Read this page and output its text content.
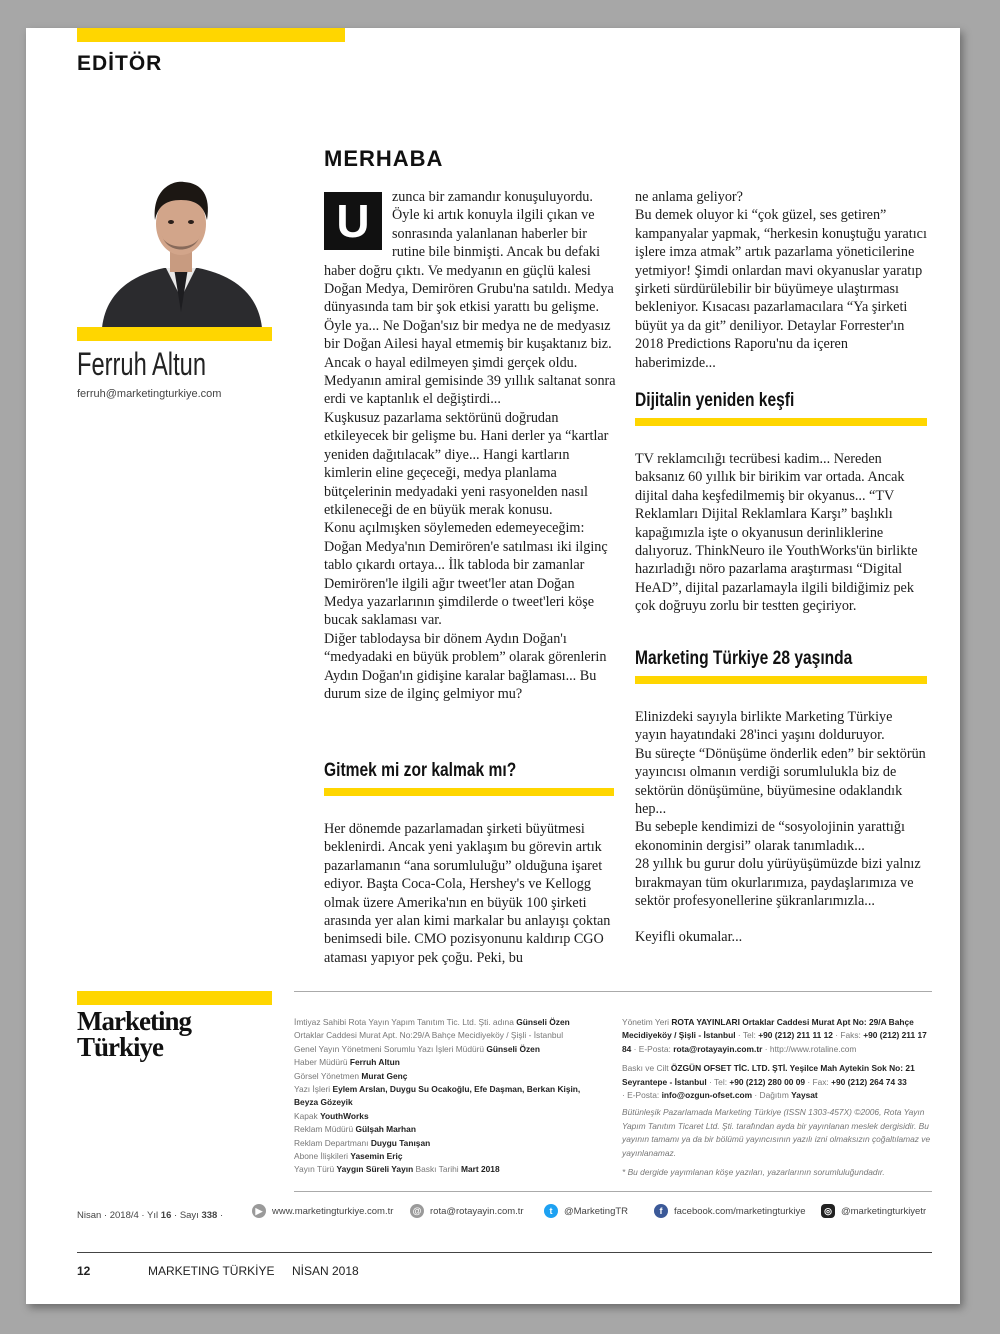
EDİTÖR
Ferruh Altun
ferruh@marketingturkiye.com
MERHABA

U	zunca bir zamandır konuşuluyordu. Öyle ki artık konuyla ilgili çıkan ve sonrasında yalanlanan haberler bir rutine bile binmişti. Ancak bu defaki haber doğru çıktı. Ve medyanın en güçlü kalesi Doğan Medya, Demirören Grubu'na satıldı. Medya dünyasında tam bir şok etkisi yarattı bu gelişme.

Öyle ya... Ne Doğan'sız bir medya ne de medyasız bir Doğan Ailesi hayal etmemiş bir kuşaktanız biz. Ancak o hayal edilmeyen şimdi gerçek oldu. Medyanın amiral gemisinde 39 yıllık saltanat sonra erdi ve kaptanlık el değiştirdi...

Kuşkusuz pazarlama sektörünü doğrudan etkileyecek bir gelişme bu. Hani derler ya “kartlar yeniden dağıtılacak” diye... Hangi kartların kimlerin eline geçeceği, medya planlama bütçelerinin medyadaki yeni rasyonelden nasıl etkileneceği de en büyük merak konusu.

Konu açılmışken söylemeden edemeyeceğim: Doğan Medya'nın Demirören'e satılması iki ilginç tablo çıkardı ortaya... İlk tabloda bir zamanlar Demirören'le ilgili ağır tweet'ler atan Doğan Medya yazarlarının şimdilerde o tweet'leri köşe bucak saklaması var.

Diğer tablodaysa bir dönem Aydın Doğan'ı “medyadaki en büyük problem” olarak görenlerin Aydın Doğan'ın gidişine karalar bağlaması... Bu durum size de ilginç gelmiyor mu?

Gitmek mi zor kalmak mı?

Her dönemde pazarlamadan şirketi büyütmesi beklenirdi. Ancak yeni yaklaşım bu görevin artık pazarlamanın “ana sorumluluğu” olduğuna işaret ediyor. Başta Coca-Cola, Hershey's ve Kellogg olmak üzere Amerika'nın en büyük 100 şirketi arasında yer alan kimi markalar bu anlayışı çoktan benimsedi bile. CMO pozisyonunu kaldırıp CGO ataması yapıyor pek çoğu. Peki, bu

ne anlama geliyor?

Bu demek oluyor ki “çok güzel, ses getiren” kampanyalar yapmak, “herkesin konuştuğu yaratıcı işlere imza atmak” artık pazarlama yöneticilerine yetmiyor! Şimdi onlardan mavi okyanuslar yaratıp şirketi sürdürülebilir bir büyümeye ulaştırması bekleniyor. Kısacası pazarlamacılara “Ya şirketi büyüt ya da git” deniliyor. Detaylar Forrester'ın 2018 Predictions Raporu'nu da içeren haberimizde...

Dijitalin yeniden keşfi

TV reklamcılığı tecrübesi kadim... Nereden baksanız 60 yıllık bir birikim var ortada. Ancak dijital daha keşfedilmemiş bir okyanus... “TV Reklamları Dijital Reklamlara Karşı” başlıklı kapağımızla işte o okyanusun derinliklerine dalıyoruz. ThinkNeuro ile YouthWorks'ün birlikte hazırladığı nöro pazarlama araştırması “Digital HeAD”, dijital pazarlamayla ilgili bildiğimiz pek çok doğruyu zorlu bir testten geçiriyor.

Marketing Türkiye 28 yaşında

Elinizdeki sayıyla birlikte Marketing Türkiye yayın hayatındaki 28'inci yaşını dolduruyor.

Bu süreçte “Dönüşüme önderlik eden” bir sektörün yayıncısı olmanın verdiği sorumlulukla biz de sektörün dönüşümüne, büyümesine odaklandık hep...

Bu sebeple kendimizi de “sosyolojinin yarattığı ekonominin dergisi” olarak tanımladık...

28 yıllık bu gurur dolu yürüyüşümüzde bizi yalnız bırakmayan tüm okurlarımıza, paydaşlarımıza ve sektör profesyonellerine şükranlarımızla...

Keyifli okumalar...

Marketing
Türkiye
İmtiyaz Sahibi Rota Yayın Yapım Tanıtım Tic. Ltd. Şti. adına Günseli Özen
Ortaklar Caddesi Murat Apt. No:29/A Bahçe Mecidiyeköy / Şişli - İstanbul
Genel Yayın Yönetmeni Sorumlu Yazı İşleri Müdürü Günseli Özen
Haber Müdürü Ferruh Altun
Görsel Yönetmen Murat Genç
Yazı İşleri Eylem Arslan, Duygu Su Ocakoğlu, Efe Daşman, Berkan Kişin, Beyza Gözeyik
Kapak YouthWorks
Reklam Müdürü Gülşah Marhan
Reklam Departmanı Duygu Tanışan
Abone İlişkileri Yasemin Eriç
Yayın Türü Yaygın Süreli Yayın Baskı Tarihi Mart 2018
Yönetim Yeri ROTA YAYINLARI Ortaklar Caddesi Murat Apt No: 29/A Bahçe Mecidiyeköy / Şişli - İstanbul · Tel: +90 (212) 211 11 12 · Faks: +90 (212) 211 17 84 · E-Posta: rota@rotayayin.com.tr · http://www.rotaline.com
Baskı ve Cilt ÖZGÜN OFSET TİC. LTD. ŞTİ. Yeşilce Mah Aytekin Sok No: 21 Seyrantepe - İstanbul · Tel: +90 (212) 280 00 09 · Fax: +90 (212) 264 74 33
· E-Posta: info@ozgun-ofset.com · Dağıtım Yaysat
Bütünleşik Pazarlamada Marketing Türkiye (ISSN 1303-457X) ©2006, Rota Yayın Yapım Tanıtım Ticaret Ltd. Şti. tarafından ayda bir yayınlanan meslek dergisidir. Bu yayının tamamı ya da bir bölümü yayıncısının yazılı izni olmaksızın çoğaltılamaz ve yayınlanamaz.
* Bu dergide yayımlanan köşe yazıları, yazarlarının sorumluluğundadır.
Nisan · 2018/4 · Yıl 16 · Sayı 338 ·	▶	www.marketingturkiye.com.tr @ rota@rotayayin.com.tr	t	@MarketingTR	f	facebook.com/marketingturkiye	◎ @marketingturkiyetr
12	MARKETING TÜRKİYE NİSAN 2018
